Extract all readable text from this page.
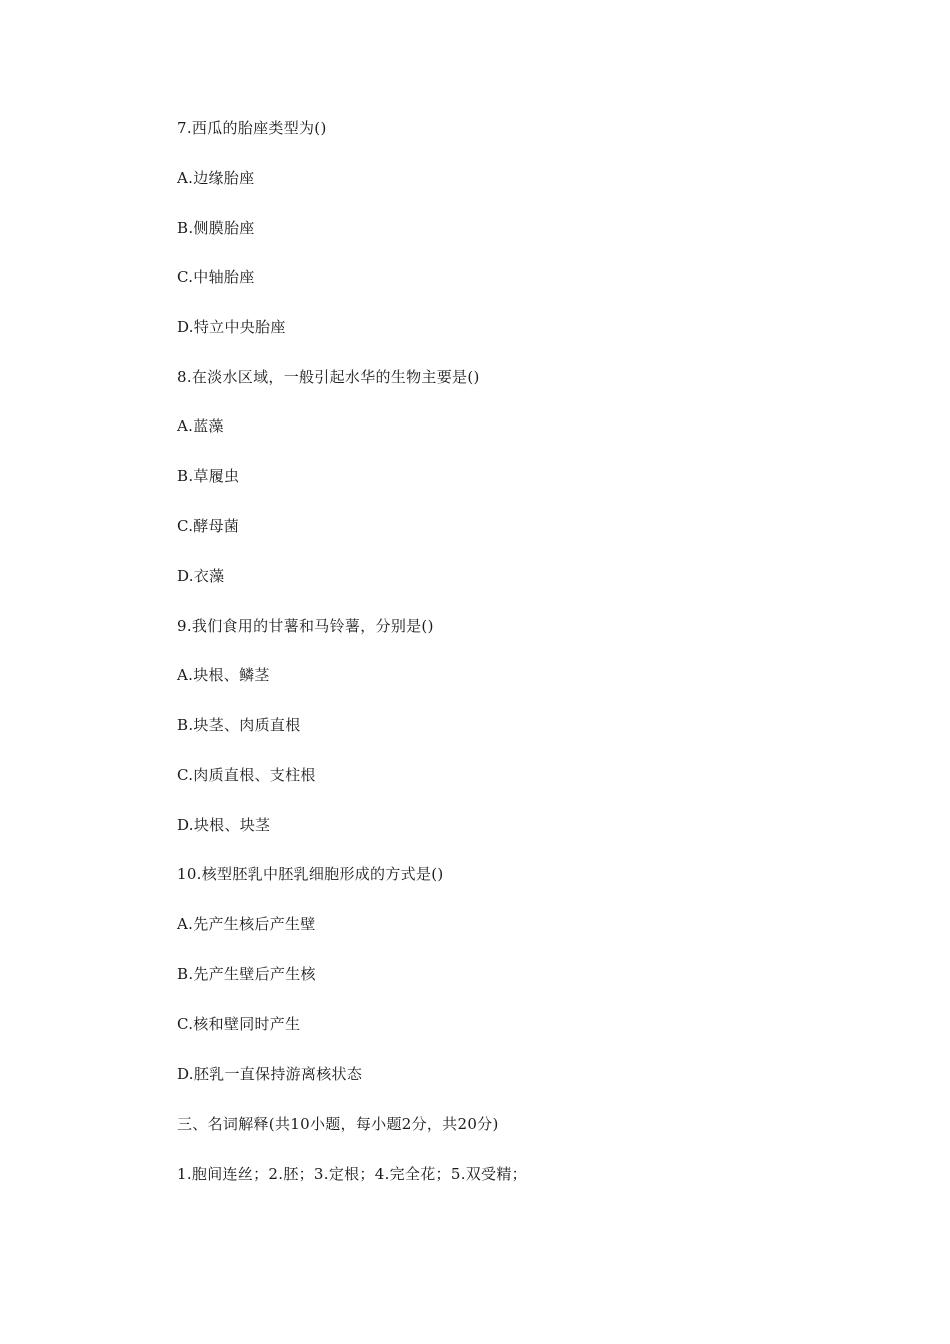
7.西瓜的胎座类型为()
A.边缘胎座
B.侧膜胎座
C.中轴胎座
D.特立中央胎座
8.在淡水区域，一般引起水华的生物主要是()
A.蓝藻
B.草履虫
C.酵母菌
D.衣藻
9.我们食用的甘薯和马铃薯，分别是()
A.块根、鳞茎
B.块茎、肉质直根
C.肉质直根、支柱根
D.块根、块茎
10.核型胚乳中胚乳细胞形成的方式是()
A.先产生核后产生壁
B.先产生壁后产生核
C.核和壁同时产生
D.胚乳一直保持游离核状态
三、名词解释(共10小题，每小题2分，共20分)
1.胞间连丝；2.胚；3.定根；4.完全花；5.双受精；
